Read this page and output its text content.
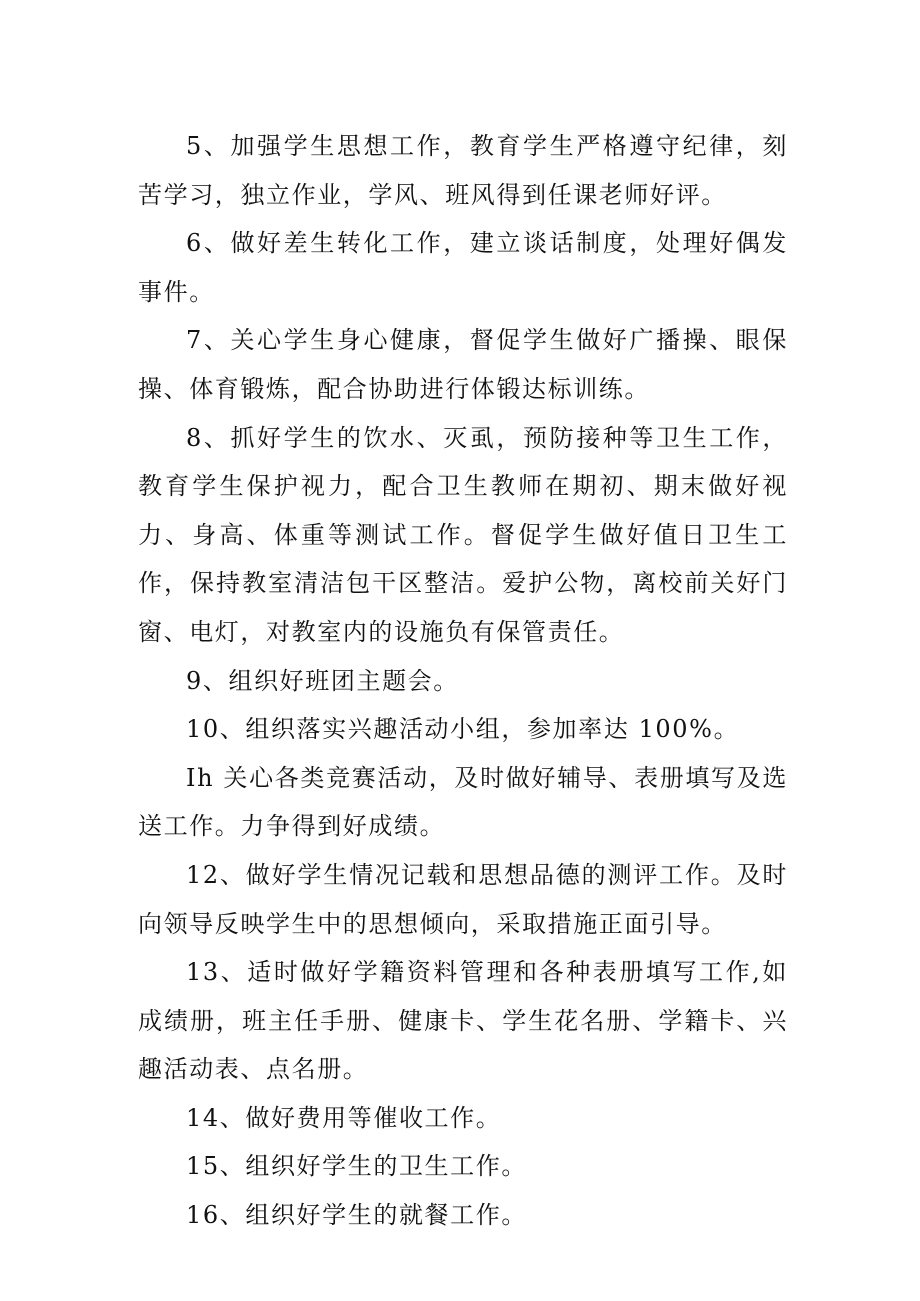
5、加强学生思想工作，教育学生严格遵守纪律，刻苦学习，独立作业，学风、班风得到任课老师好评。

6、做好差生转化工作，建立谈话制度，处理好偶发事件。

7、关心学生身心健康，督促学生做好广播操、眼保操、体育锻炼，配合协助进行体锻达标训练。

8、抓好学生的饮水、灭虱，预防接种等卫生工作，教育学生保护视力，配合卫生教师在期初、期末做好视力、身高、体重等测试工作。督促学生做好值日卫生工作，保持教室清洁包干区整洁。爱护公物，离校前关好门窗、电灯，对教室内的设施负有保管责任。

9、组织好班团主题会。

10、组织落实兴趣活动小组，参加率达 100%。

Ih 关心各类竞赛活动，及时做好辅导、表册填写及选送工作。力争得到好成绩。

12、做好学生情况记载和思想品德的测评工作。及时向领导反映学生中的思想倾向，采取措施正面引导。

13、适时做好学籍资料管理和各种表册填写工作,如成绩册，班主任手册、健康卡、学生花名册、学籍卡、兴趣活动表、点名册。

14、做好费用等催收工作。

15、组织好学生的卫生工作。

16、组织好学生的就餐工作。
